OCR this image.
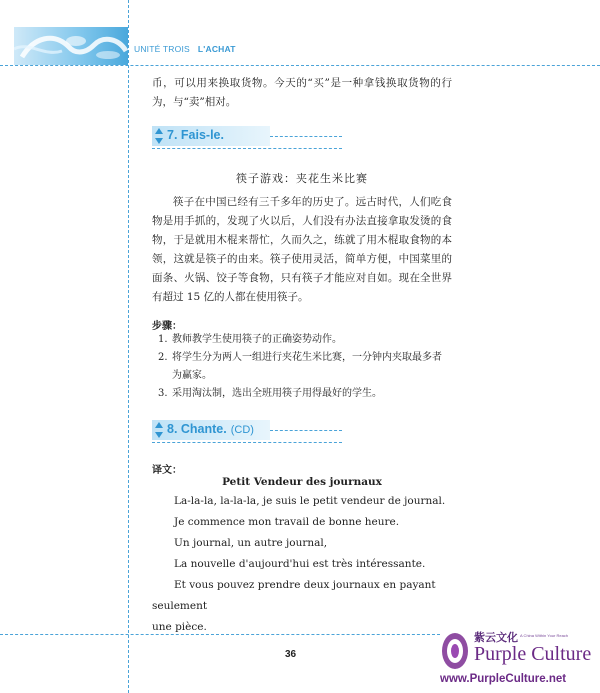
UNITÉ TROIS L'ACHAT
币，可以用来换取货物。今天的“买”是一种拿钱换取货物的行为，与“卖”相对。
7. Fais-le.
筷子游戏：夹花生米比赛
筷子在中国已经有三千多年的历史了。远古时代，人们吃食物是用手抓的，发现了火以后，人们没有办法直接拿取发烫的食物，于是就用木棍来帮忙，久而久之，练就了用木棍取食物的本领，这就是筷子的由来。筷子使用灵活，简单方便，中国菜里的面条、火锅、饺子等食物，只有筷子才能应对自如。现在全世界有超过 15 亿的人都在使用筷子。
步骤：
1. 教师教学生使用筷子的正确姿势动作。
2. 将学生分为两人一组进行夹花生米比赛，一分钟内夹取最多者为赢家。
3. 采用淘汰制，选出全班用筷子用得最好的学生。
8. Chante. (CD)
译文：
Petit Vendeur des journaux

La-la-la, la-la-la, je suis le petit vendeur de journal.

Je commence mon travail de bonne heure.

Un journal, un autre journal,

La nouvelle d'aujourd'hui est très intéressante.

Et vous pouvez prendre deux journaux en payant seulement

une pièce.

36
紫云文化 A China Within Your Reach
Purple Culture
www.PurpleCulture.net
